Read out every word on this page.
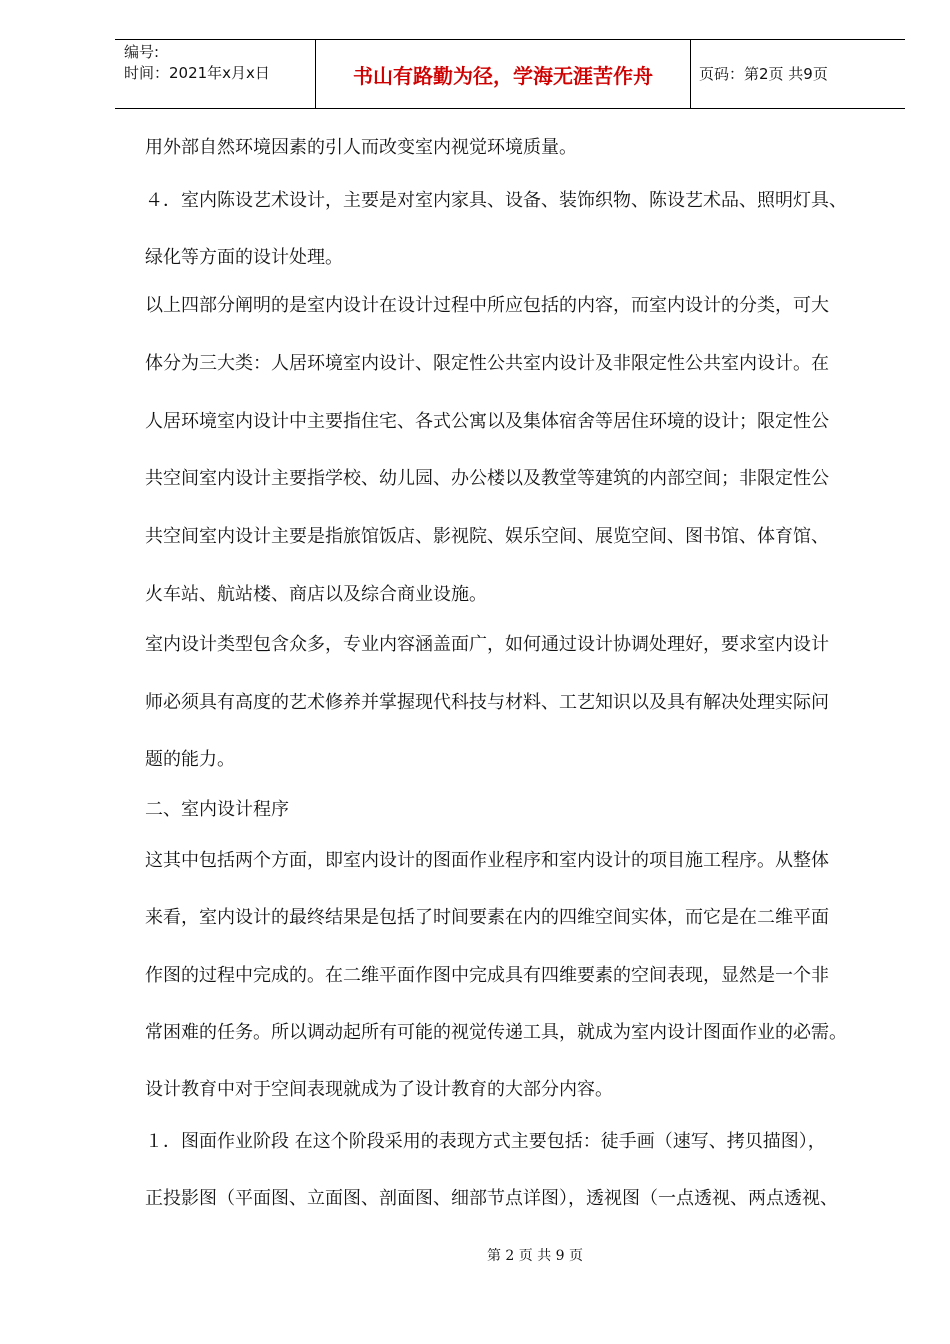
编号:
时间：2021年x月x日	书山有路勤为径，学海无涯苦作舟	页码：第2页 共9页
用外部自然环境因素的引人而改变室内视觉环境质量。
４．室内陈设艺术设计，主要是对室内家具、设备、装饰织物、陈设艺术品、照明灯具、
绿化等方面的设计处理。
以上四部分阐明的是室内设计在设计过程中所应包括的内容，而室内设计的分类，可大
体分为三大类：人居环境室内设计、限定性公共室内设计及非限定性公共室内设计。在
人居环境室内设计中主要指住宅、各式公寓以及集体宿舍等居住环境的设计；限定性公
共空间室内设计主要指学校、幼儿园、办公楼以及教堂等建筑的内部空间；非限定性公
共空间室内设计主要是指旅馆饭店、影视院、娱乐空间、展览空间、图书馆、体育馆、
火车站、航站楼、商店以及综合商业设施。
室内设计类型包含众多，专业内容涵盖面广，如何通过设计协调处理好，要求室内设计
师必须具有高度的艺术修养并掌握现代科技与材料、工艺知识以及具有解决处理实际问
题的能力。
二、室内设计程序
这其中包括两个方面，即室内设计的图面作业程序和室内设计的项目施工程序。从整体
来看，室内设计的最终结果是包括了时间要素在内的四维空间实体，而它是在二维平面
作图的过程中完成的。在二维平面作图中完成具有四维要素的空间表现，显然是一个非
常困难的任务。所以调动起所有可能的视觉传递工具，就成为室内设计图面作业的必需。
设计教育中对于空间表现就成为了设计教育的大部分内容。
１．图面作业阶段 在这个阶段采用的表现方式主要包括：徒手画（速写、拷贝描图），
正投影图（平面图、立面图、剖面图、细部节点详图），透视图（一点透视、两点透视、
第 2 页 共 9 页
